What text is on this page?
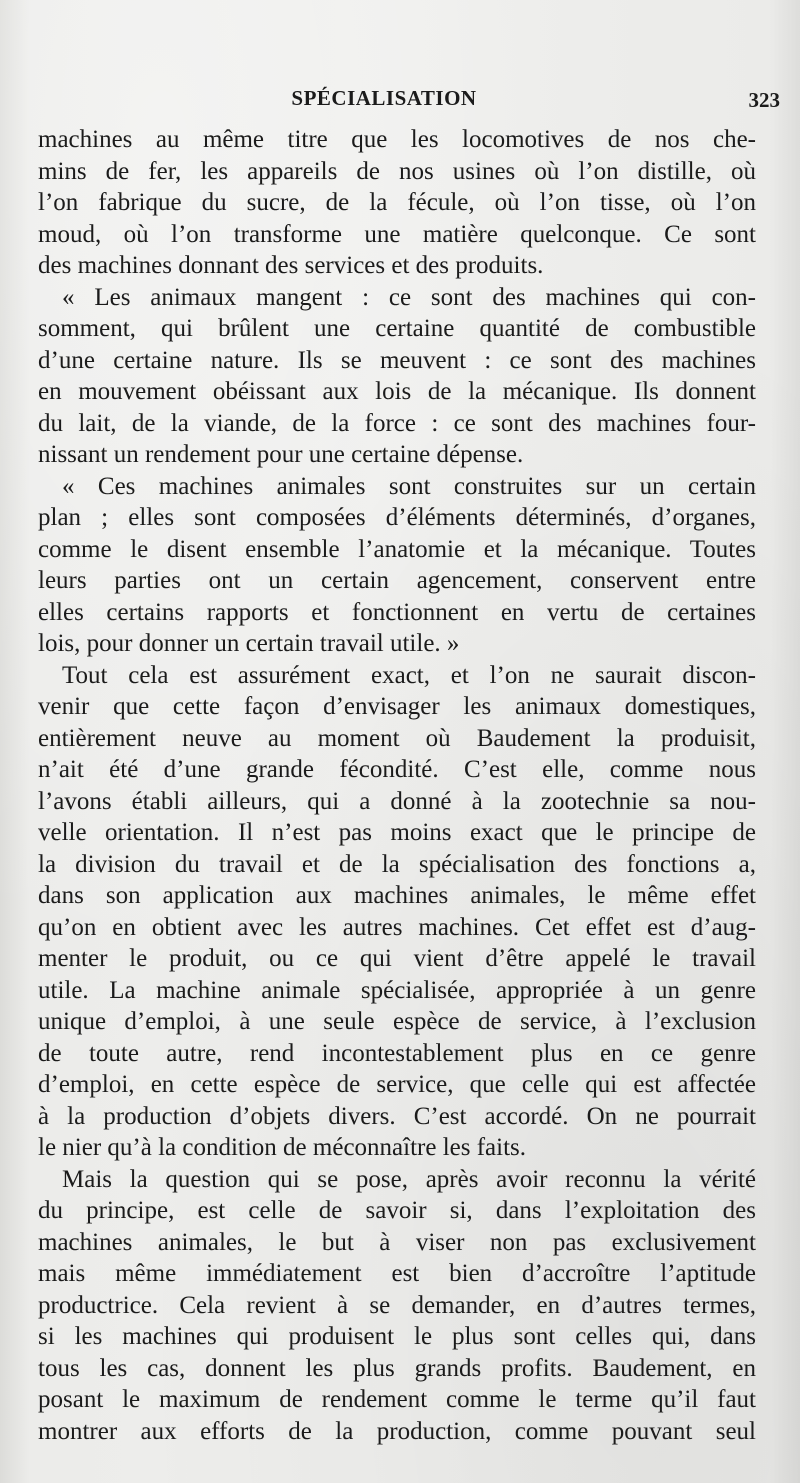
SPÉCIALISATION	323
machines au même titre que les locomotives de nos che-
mins de fer, les appareils de nos usines où l’on distille, où
l’on fabrique du sucre, de la fécule, où l’on tisse, où l’on
moud, où l’on transforme une matière quelconque. Ce sont
des machines donnant des services et des produits.
« Les animaux mangent : ce sont des machines qui con-
somment, qui brûlent une certaine quantité de combustible
d’une certaine nature. Ils se meuvent : ce sont des machines
en mouvement obéissant aux lois de la mécanique. Ils donnent
du lait, de la viande, de la force : ce sont des machines four-
nissant un rendement pour une certaine dépense.
« Ces machines animales sont construites sur un certain
plan ; elles sont composées d’éléments déterminés, d’organes,
comme le disent ensemble l’anatomie et la mécanique. Toutes
leurs parties ont un certain agencement, conservent entre
elles certains rapports et fonctionnent en vertu de certaines
lois, pour donner un certain travail utile. »
Tout cela est assurément exact, et l’on ne saurait discon-
venir que cette façon d’envisager les animaux domestiques,
entièrement neuve au moment où Baudement la produisit,
n’ait été d’une grande fécondité. C’est elle, comme nous
l’avons établi ailleurs, qui a donné à la zootechnie sa nou-
velle orientation. Il n’est pas moins exact que le principe de
la division du travail et de la spécialisation des fonctions a,
dans son application aux machines animales, le même effet
qu’on en obtient avec les autres machines. Cet effet est d’aug-
menter le produit, ou ce qui vient d’être appelé le travail
utile. La machine animale spécialisée, appropriée à un genre
unique d’emploi, à une seule espèce de service, à l’exclusion
de toute autre, rend incontestablement plus en ce genre
d’emploi, en cette espèce de service, que celle qui est affectée
à la production d’objets divers. C’est accordé. On ne pourrait
le nier qu’à la condition de méconnaître les faits.
Mais la question qui se pose, après avoir reconnu la vérité
du principe, est celle de savoir si, dans l’exploitation des
machines animales, le but à viser non pas exclusivement
mais même immédiatement est bien d’accroître l’aptitude
productrice. Cela revient à se demander, en d’autres termes,
si les machines qui produisent le plus sont celles qui, dans
tous les cas, donnent les plus grands profits. Baudement, en
posant le maximum de rendement comme le terme qu’il faut
montrer aux efforts de la production, comme pouvant seul
